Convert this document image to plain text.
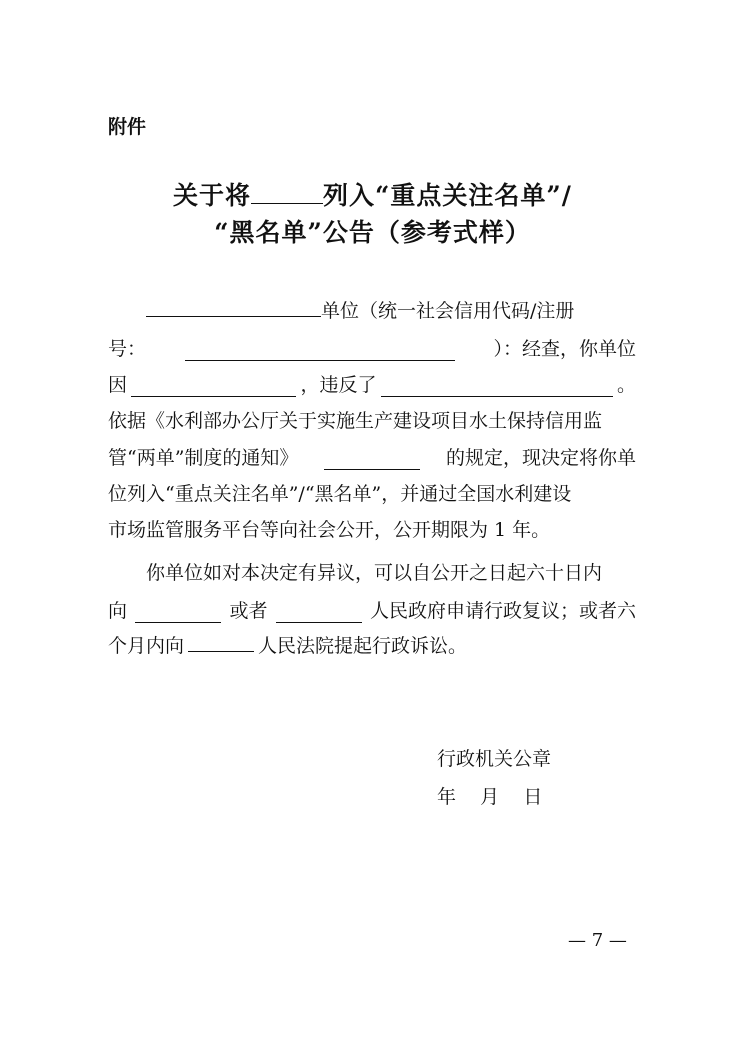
附件
关于将	列入“重点关注名单”/
“黑名单”公告（参考式样）
单位（统一社会信用代码/注册
号：	）：经查，你单位
因	，违反了	。
依据《水利部办公厅关于实施生产建设项目水土保持信用监
管“两单”制度的通知》	的规定，现决定将你单
位列入“重点关注名单”/“黑名单”，并通过全国水利建设
市场监管服务平台等向社会公开，公开期限为 1 年。
你单位如对本决定有异议，可以自公开之日起六十日内
向	或者	人民政府申请行政复议；或者六
个月内向	人民法院提起行政诉讼。
行政机关公章
年    月    日
— 7 —
